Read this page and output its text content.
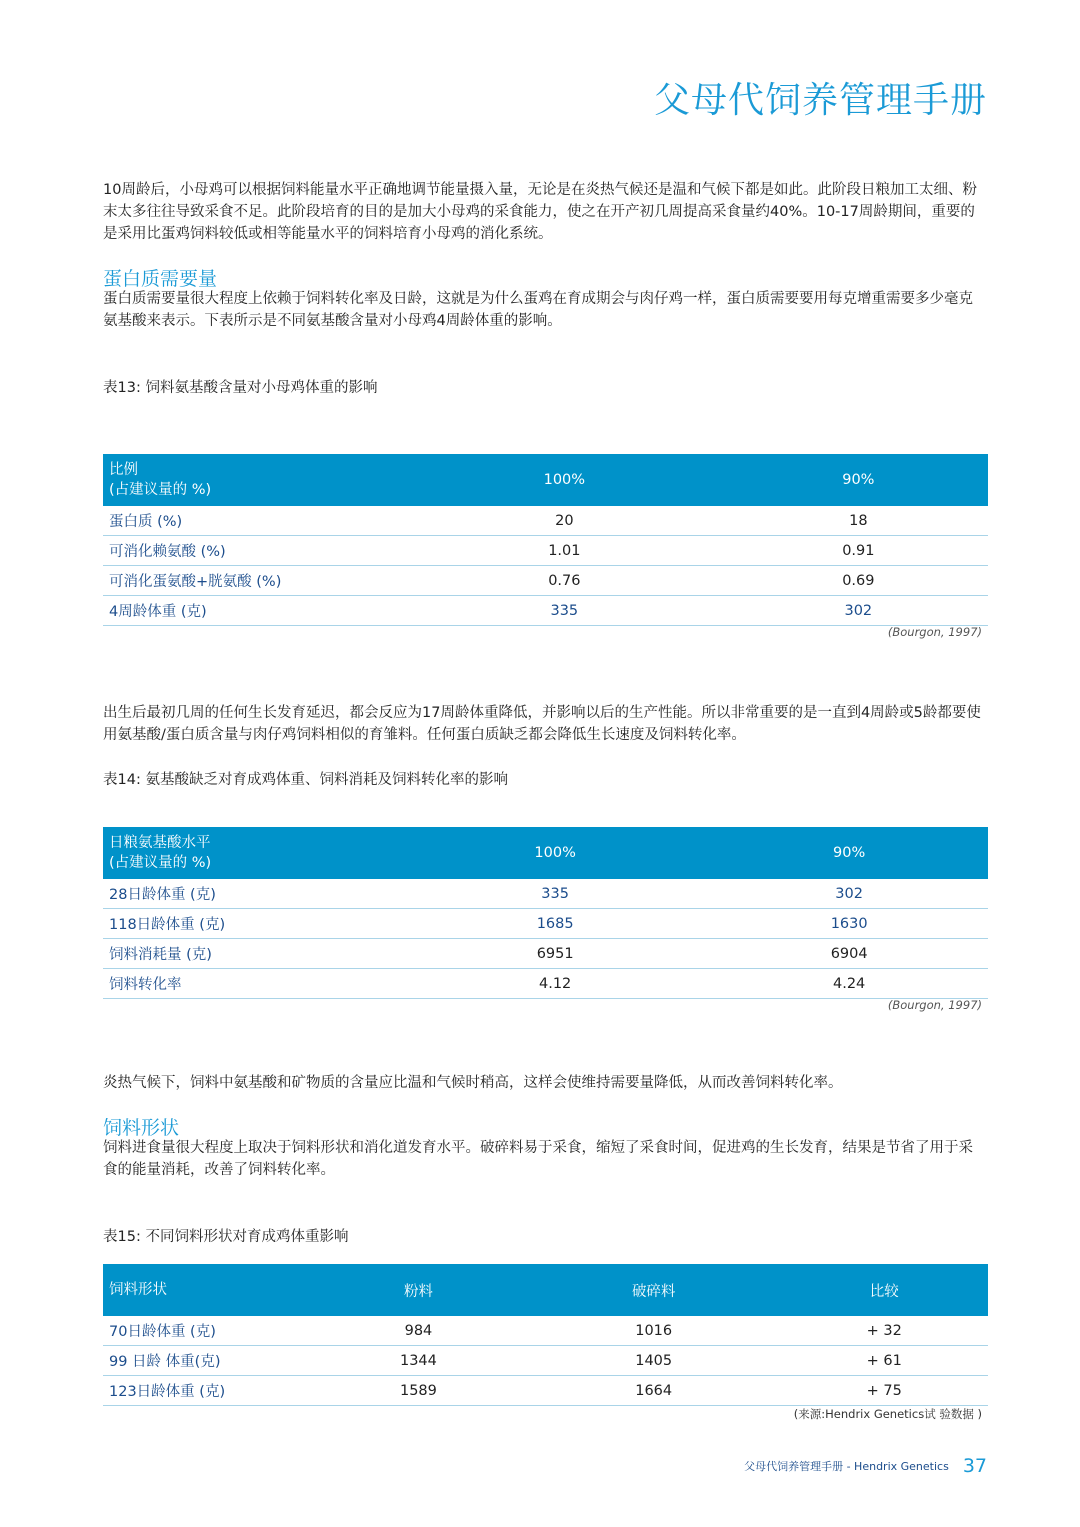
父母代饲养管理手册
10周龄后，小母鸡可以根据饲料能量水平正确地调节能量摄入量，无论是在炎热气候还是温和气候下都是如此。此阶段日粮加工太细、粉末太多往往导致采食不足。此阶段培育的目的是加大小母鸡的采食能力，使之在开产初几周提高采食量约40%。10-17周龄期间，重要的是采用比蛋鸡饲料较低或相等能量水平的饲料培育小母鸡的消化系统。
蛋白质需要量
蛋白质需要量很大程度上依赖于饲料转化率及日龄，这就是为什么蛋鸡在育成期会与肉仔鸡一样，蛋白质需要要用每克增重需要多少毫克氨基酸来表示。下表所示是不同氨基酸含量对小母鸡4周龄体重的影响。
表13: 饲料氨基酸含量对小母鸡体重的影响
比例
(占建议量的 %)	100%	90%
蛋白质 (%)	20	18
可消化赖氨酸 (%)	1.01	0.91
可消化蛋氨酸+胱氨酸 (%)	0.76	0.69
4周龄体重 (克)	335	302
(Bourgon, 1997)
出生后最初几周的任何生长发育延迟，都会反应为17周龄体重降低，并影响以后的生产性能。所以非常重要的是一直到4周龄或5龄都要使用氨基酸/蛋白质含量与肉仔鸡饲料相似的育雏料。任何蛋白质缺乏都会降低生长速度及饲料转化率。
表14: 氨基酸缺乏对育成鸡体重、饲料消耗及饲料转化率的影响
日粮氨基酸水平
(占建议量的 %)	100%	90%
28日龄体重 (克)	335	302
118日龄体重 (克)	1685	1630
饲料消耗量 (克)	6951	6904
饲料转化率	4.12	4.24
(Bourgon, 1997)
炎热气候下，饲料中氨基酸和矿物质的含量应比温和气候时稍高，这样会使维持需要量降低，从而改善饲料转化率。
饲料形状
饲料进食量很大程度上取决于饲料形状和消化道发育水平。破碎料易于采食，缩短了采食时间，促进鸡的生长发育，结果是节省了用于采食的能量消耗，改善了饲料转化率。
表15: 不同饲料形状对育成鸡体重影响
饲料形状	粉料	破碎料	比较
70日龄体重 (克)	984	1016	+ 32
99 日龄 体重(克)	1344	1405	+ 61
123日龄体重 (克)	1589	1664	+ 75
(来源:Hendrix Genetics试 验数据 )
父母代饲养管理手册 - Hendrix Genetics 37
